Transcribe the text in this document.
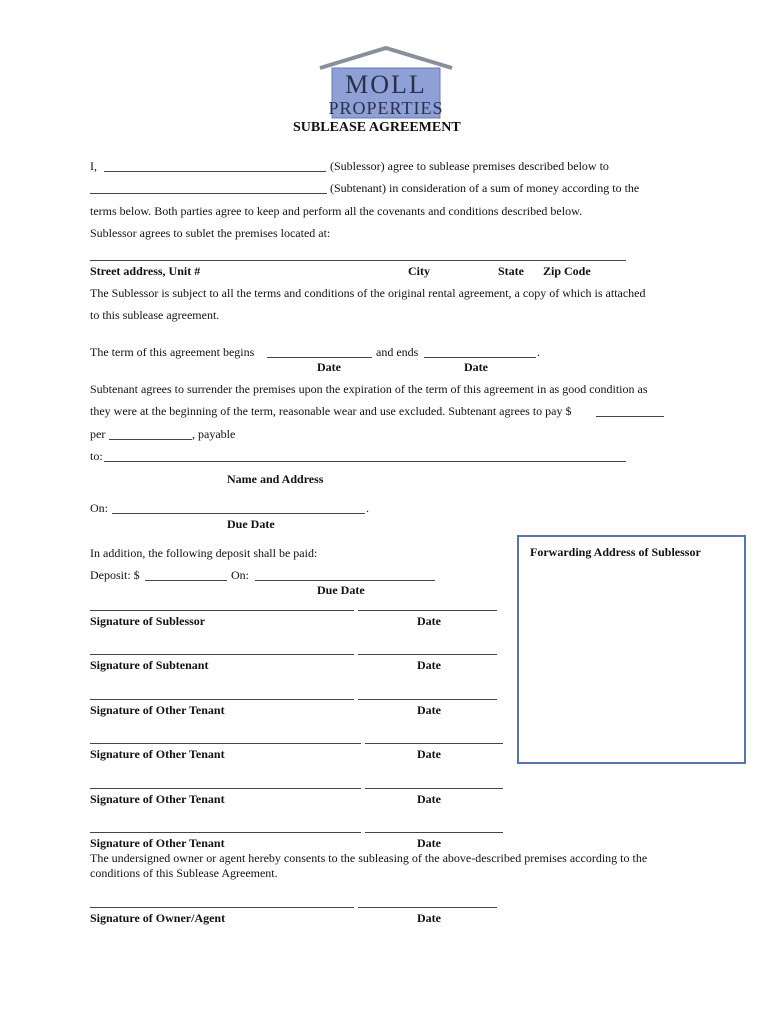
MOLL
PROPERTIES
SUBLEASE AGREEMENT
I,	(Sublessor) agree to sublease premises described below to
(Subtenant) in consideration of a sum of money according to the
terms below. Both parties agree to keep and perform all the covenants and conditions described below.
Sublessor agrees to sublet the premises located at:
Street address, Unit #	City	State Zip Code
The Sublessor is subject to all the terms and conditions of the original rental agreement, a copy of which is attached
to this sublease agreement.
The term of this agreement begins	and ends	.
Date	Date
Subtenant agrees to surrender the premises upon the expiration of the term of this agreement in as good condition as
they were at the beginning of the term, reasonable wear and use excluded. Subtenant agrees to pay $
per	, payable
to:
Name and Address
On:	.
Due Date
In addition, the following deposit shall be paid:
Deposit: $	On:
Due Date
Forwarding Address of Sublessor
Signature of Sublessor	Date
Signature of Subtenant	Date
Signature of Other Tenant	Date
Signature of Other Tenant	Date
Signature of Other Tenant	Date
Signature of Other Tenant	Date
The undersigned owner or agent hereby consents to the subleasing of the above-described premises according to the
conditions of this Sublease Agreement.
Signature of Owner/Agent	Date
